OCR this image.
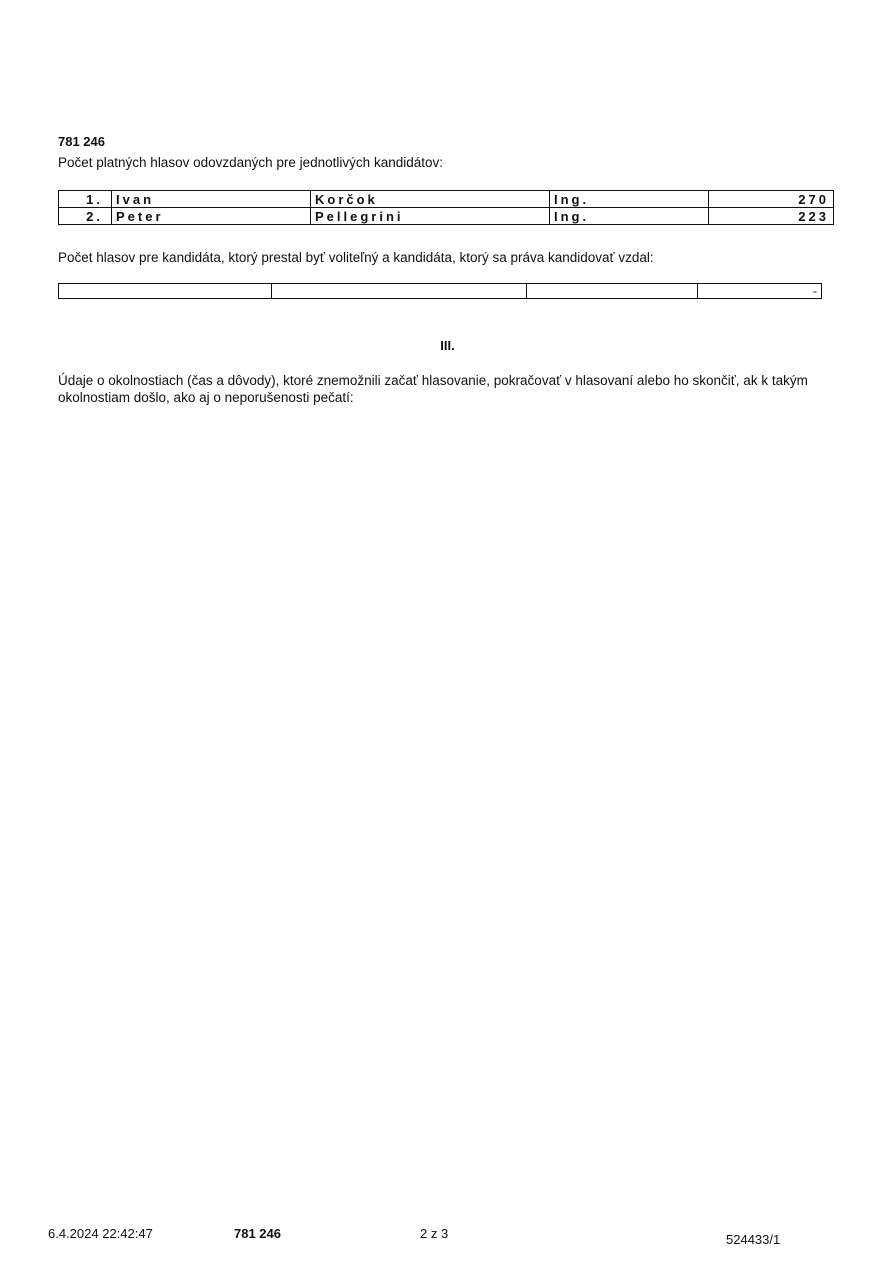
781 246
Počet platných hlasov odovzdaných pre jednotlivých kandidátov:
1.	Ivan	Korčok	Ing.	270
2.	Peter	Pellegrini	Ing.	223
Počet hlasov pre kandidáta, ktorý prestal byť voliteľný a kandidáta, ktorý sa práva kandidovať vzdal:
			-
III.
Údaje o okolnostiach (čas a dôvody), ktoré znemožnili začať hlasovanie, pokračovať v hlasovaní alebo ho skončiť, ak k takým okolnostiam došlo, ako aj o neporušenosti pečatí:
6.4.2024 22:42:47	781 246	2 z 3	524433/1
